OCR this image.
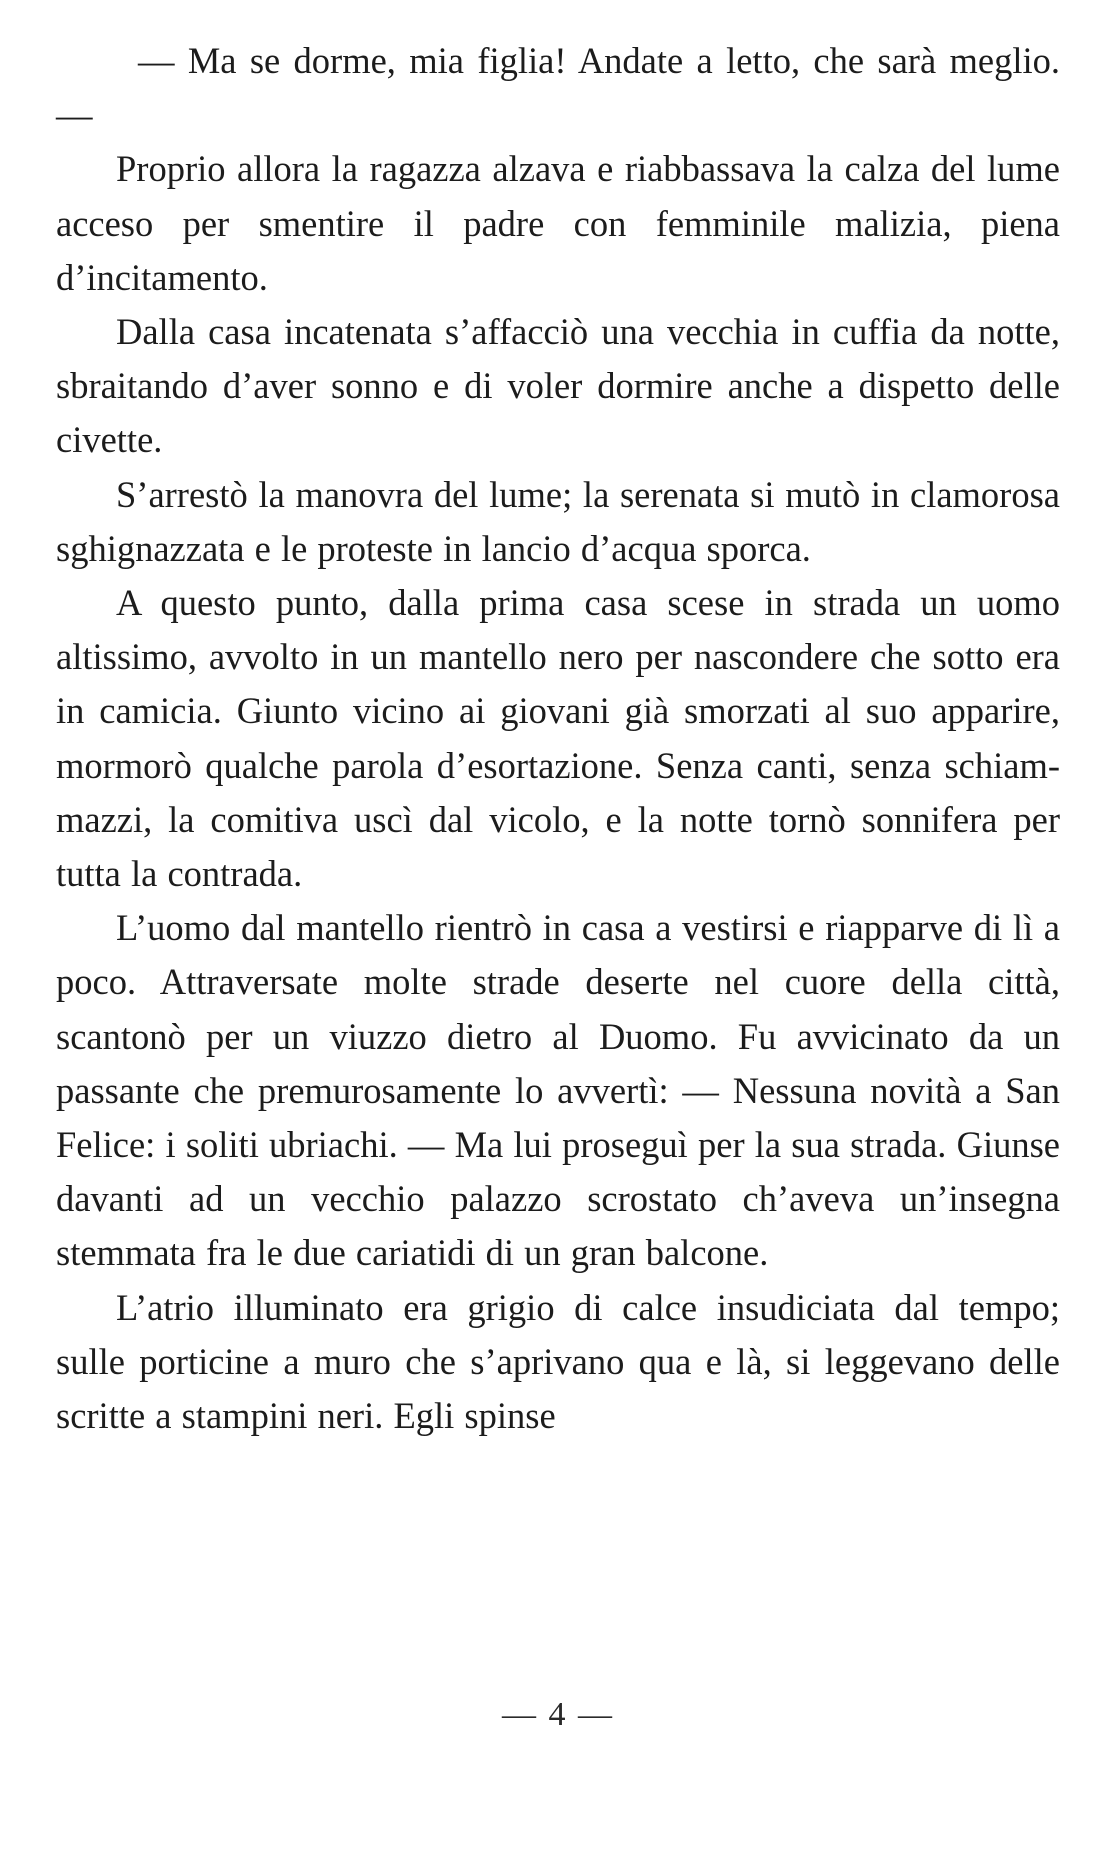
— Ma se dorme, mia figlia! Andate a letto, che sarà meglio. —

Proprio allora la ragazza alzava e riabbassava la calza del lume acceso per smentire il padre con femminile malizia, piena d’incitamento.

Dalla casa incatenata s’affacciò una vecchia in cuffia da notte, sbraitando d’aver sonno e di voler dormire anche a dispetto delle civette.

S’arrestò la manovra del lume; la serenata si mutò in clamorosa sghignazzata e le proteste in lancio d’acqua sporca.

A questo punto, dalla prima casa scese in strada un uomo altissimo, avvolto in un mantello nero per nascondere che sotto era in camicia. Giunto vicino ai giovani già smorzati al suo apparire, mormorò qualche parola d’esortazione. Senza canti, senza schiammazzi, la comitiva uscì dal vicolo, e la notte tornò sonnifera per tutta la contrada.

L’uomo dal mantello rientrò in casa a vestirsi e riapparve di lì a poco. Attraversate molte strade deserte nel cuore della città, scantonò per un viuzzo dietro al Duomo. Fu avvicinato da un passante che premurosamente lo avvertì: — Nessuna novità a San Felice: i soliti ubriachi. — Ma lui proseguì per la sua strada. Giunse davanti ad un vecchio palazzo scrostato ch’aveva un’insegna stemmata fra le due cariatidi di un gran balcone.

L’atrio illuminato era grigio di calce insudiciata dal tempo; sulle porticine a muro che s’aprivano qua e là, si leggevano delle scritte a stampini neri. Egli spinse

— 4 —
